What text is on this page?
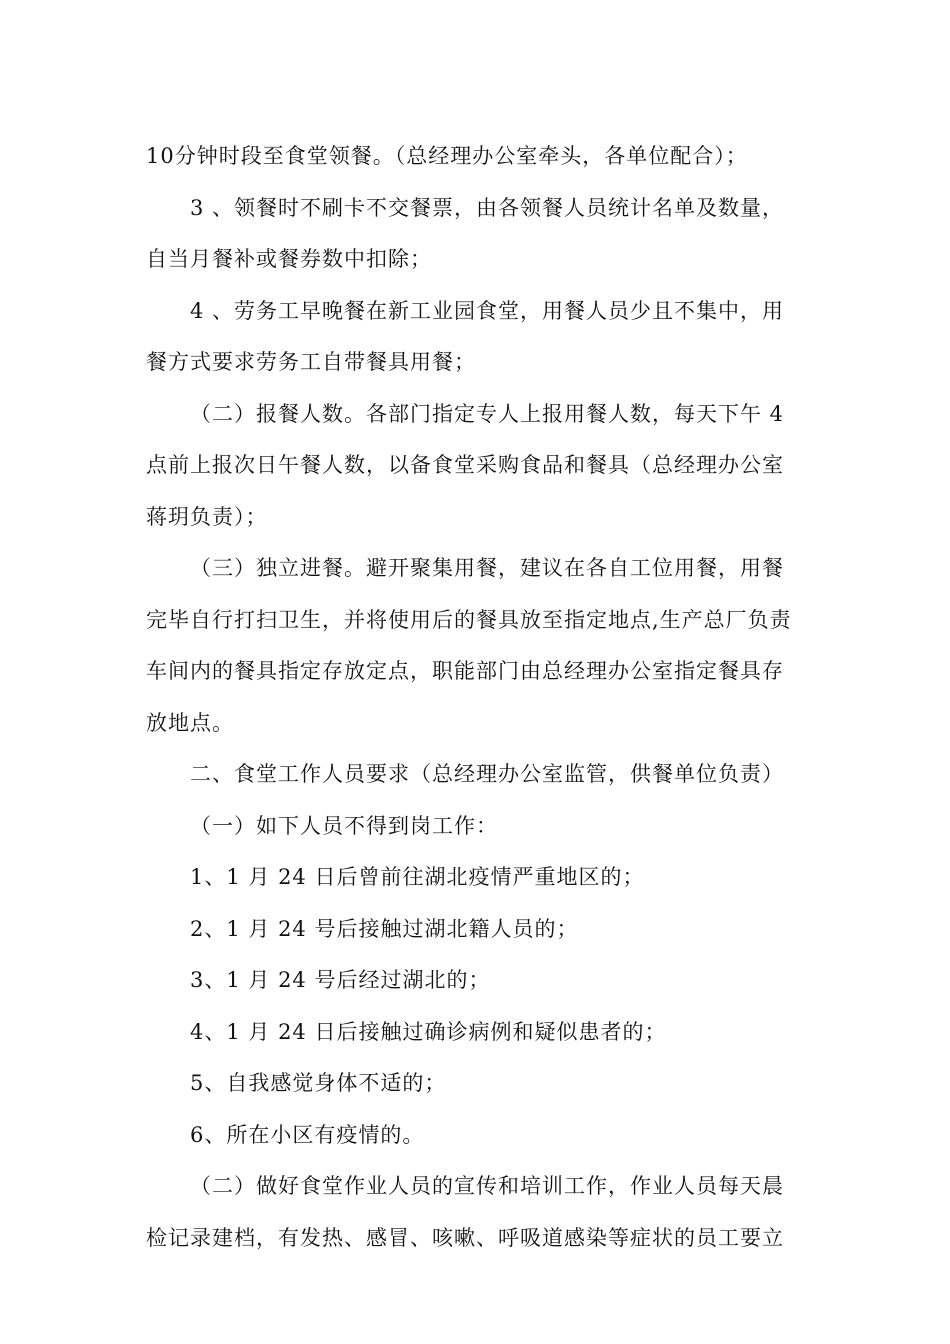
10分钟时段至食堂领餐。（总经理办公室牵头，各单位配合）；

3 、领餐时不刷卡不交餐票，由各领餐人员统计名单及数量，

自当月餐补或餐券数中扣除；

4 、劳务工早晚餐在新工业园食堂，用餐人员少且不集中，用

餐方式要求劳务工自带餐具用餐；

（二）报餐人数。各部门指定专人上报用餐人数，每天下午 4

点前上报次日午餐人数，以备食堂采购食品和餐具（总经理办公室

蒋玥负责）；

（三）独立进餐。避开聚集用餐，建议在各自工位用餐，用餐

完毕自行打扫卫生，并将使用后的餐具放至指定地点,生产总厂负责

车间内的餐具指定存放定点，职能部门由总经理办公室指定餐具存

放地点。

二、食堂工作人员要求（总经理办公室监管，供餐单位负责）

（一）如下人员不得到岗工作：

1、1 月 24 日后曾前往湖北疫情严重地区的；

2、1 月 24 号后接触过湖北籍人员的；

3、1 月 24 号后经过湖北的；

4、1 月 24 日后接触过确诊病例和疑似患者的；

5、自我感觉身体不适的；

6、所在小区有疫情的。

（二）做好食堂作业人员的宣传和培训工作，作业人员每天晨

检记录建档，有发热、感冒、咳嗽、呼吸道感染等症状的员工要立
